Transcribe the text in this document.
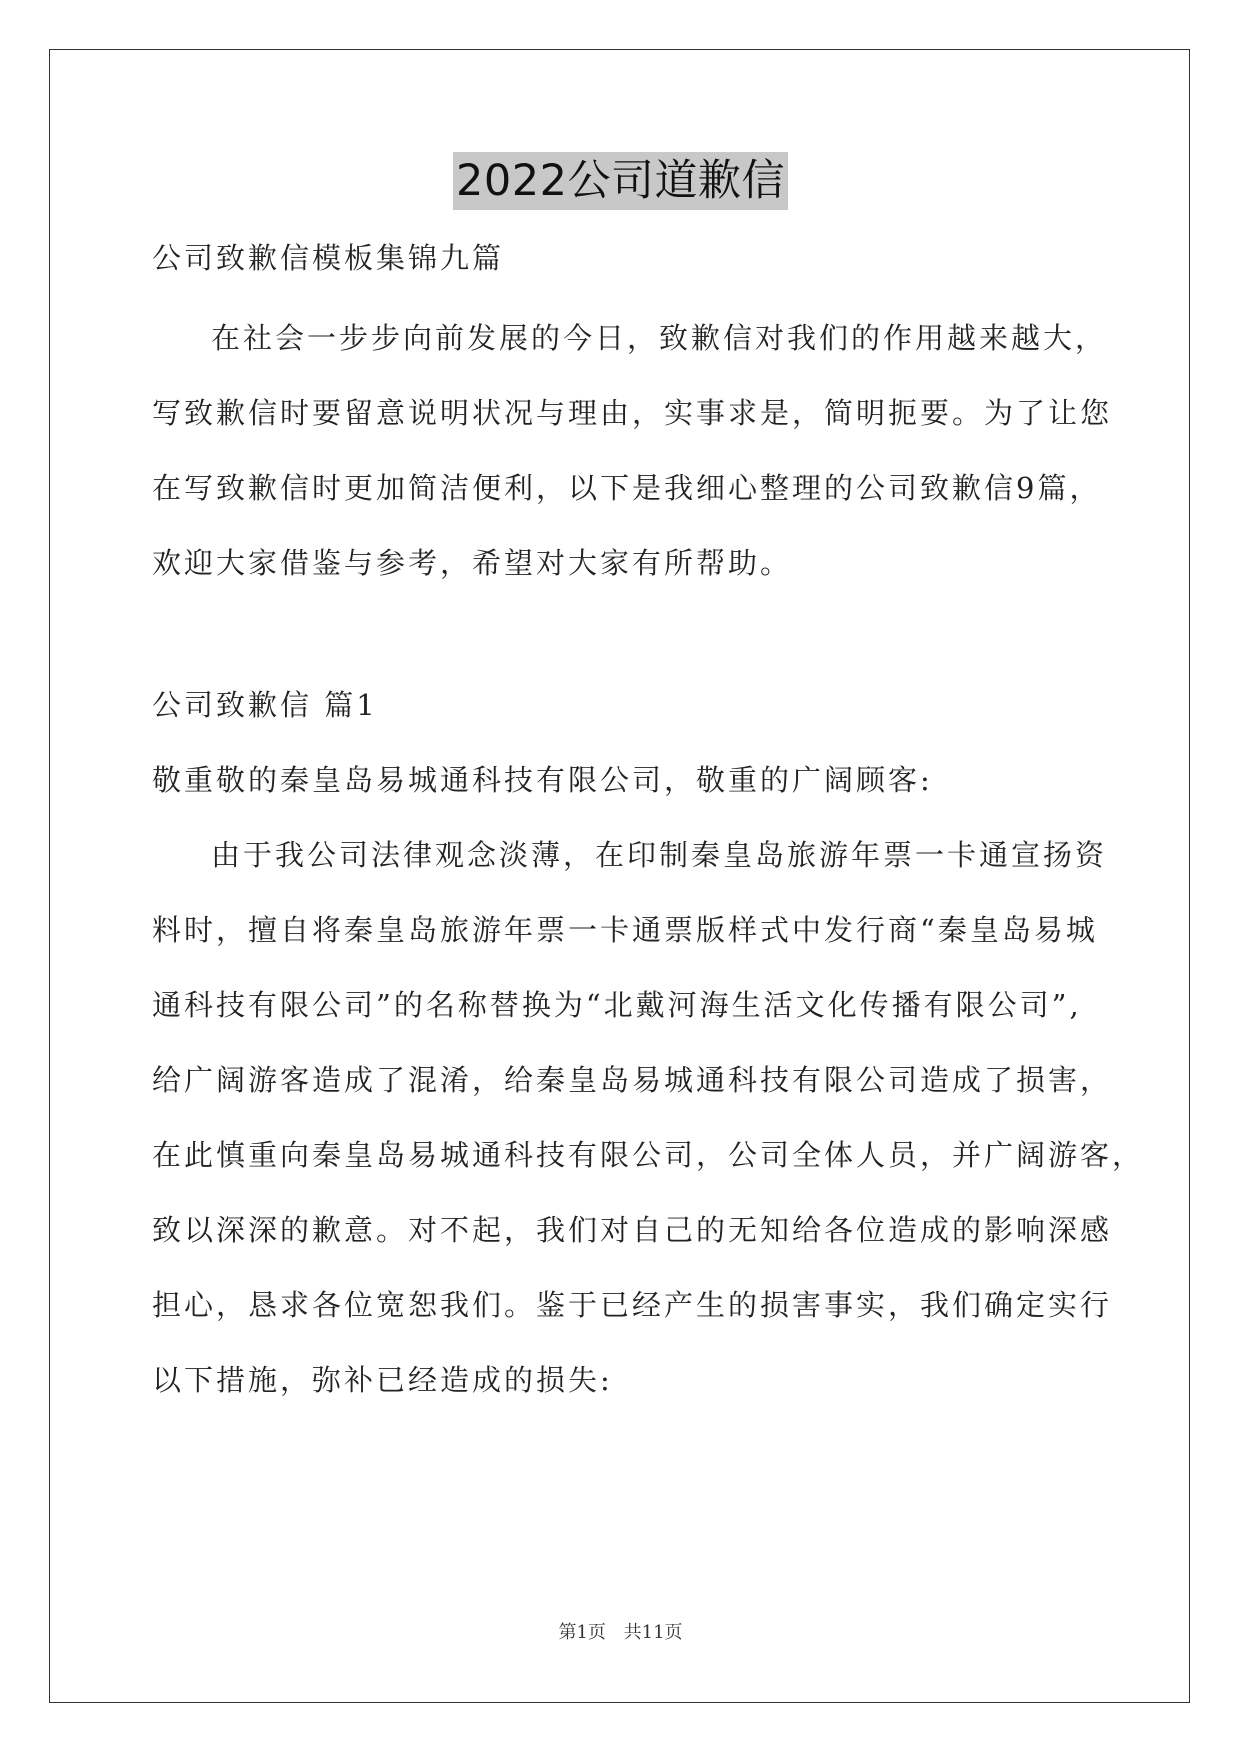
2022公司道歉信
公司致歉信模板集锦九篇
在社会一步步向前发展的今日，致歉信对我们的作用越来越大，
写致歉信时要留意说明状况与理由，实事求是，简明扼要。为了让您
在写致歉信时更加简洁便利，以下是我细心整理的公司致歉信9篇，
欢迎大家借鉴与参考，希望对大家有所帮助。
公司致歉信 篇1
敬重敬的秦皇岛易城通科技有限公司，敬重的广阔顾客:
由于我公司法律观念淡薄，在印制秦皇岛旅游年票一卡通宣扬资
料时，擅自将秦皇岛旅游年票一卡通票版样式中发行商“秦皇岛易城
通科技有限公司”的名称替换为“北戴河海生活文化传播有限公司”,
给广阔游客造成了混淆，给秦皇岛易城通科技有限公司造成了损害，
在此慎重向秦皇岛易城通科技有限公司，公司全体人员，并广阔游客，
致以深深的歉意。对不起，我们对自己的无知给各位造成的影响深感
担心，恳求各位宽恕我们。鉴于已经产生的损害事实，我们确定实行
以下措施，弥补已经造成的损失:
第1页 共11页
